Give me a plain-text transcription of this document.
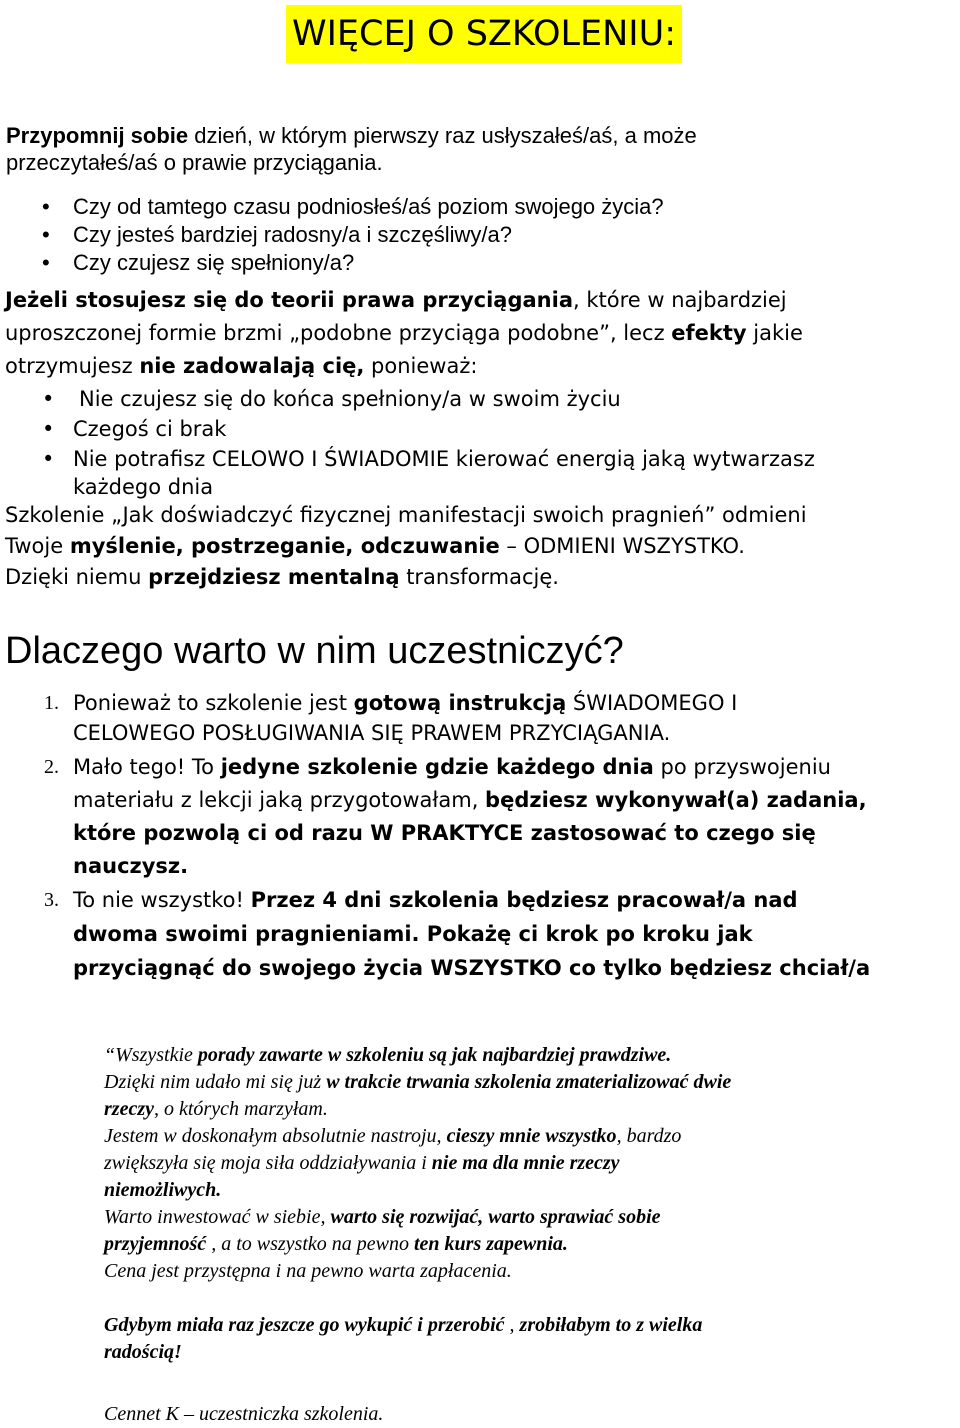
WIĘCEJ O SZKOLENIU:
Przypomnij sobie dzień, w którym pierwszy raz usłyszałeś/aś, a może
przeczytałeś/aś o prawie przyciągania.
• Czy od tamtego czasu podniosłeś/aś poziom swojego życia?
• Czy jesteś bardziej radosny/a i szczęśliwy/a?
• Czy czujesz się spełniony/a?
Jeżeli stosujesz się do teorii prawa przyciągania, które w najbardziej
uproszczonej formie brzmi „podobne przyciąga podobne”, lecz efekty jakie
otrzymujesz nie zadowalają cię, ponieważ:
• Nie czujesz się do końca spełniony/a w swoim życiu
• Czegoś ci brak
• Nie potrafisz CELOWO I ŚWIADOMIE kierować energią jaką wytwarzasz
każdego dnia
Szkolenie „Jak doświadczyć fizycznej manifestacji swoich pragnień” odmieni
Twoje myślenie, postrzeganie, odczuwanie – ODMIENI WSZYSTKO.
Dzięki niemu przejdziesz mentalną transformację.
Dlaczego warto w nim uczestniczyć?
1. Ponieważ to szkolenie jest gotową instrukcją ŚWIADOMEGO I
CELOWEGO POSŁUGIWANIA SIĘ PRAWEM PRZYCIĄGANIA.
2. Mało tego! To jedyne szkolenie gdzie każdego dnia po przyswojeniu
materiału z lekcji jaką przygotowałam, będziesz wykonywał(a) zadania,
które pozwolą ci od razu W PRAKTYCE zastosować to czego się
nauczysz.
3. To nie wszystko! Przez 4 dni szkolenia będziesz pracował/a nad
dwoma swoimi pragnieniami. Pokażę ci krok po kroku jak
przyciągnąć do swojego życia WSZYSTKO co tylko będziesz chciał/a
“Wszystkie porady zawarte w szkoleniu są jak najbardziej prawdziwe.
Dzięki nim udało mi się już w trakcie trwania szkolenia zmaterializować dwie
rzeczy, o których marzyłam.
Jestem w doskonałym absolutnie nastroju, cieszy mnie wszystko, bardzo
zwiększyła się moja siła oddziaływania i nie ma dla mnie rzeczy
niemożliwych.
Warto inwestować w siebie, warto się rozwijać, warto sprawiać sobie
przyjemność , a to wszystko na pewno ten kurs zapewnia.
Cena jest przystępna i na pewno warta zapłacenia.
Gdybym miała raz jeszcze go wykupić i przerobić , zrobiłabym to z wielka
radością!
Cennet K – uczestniczka szkolenia.
